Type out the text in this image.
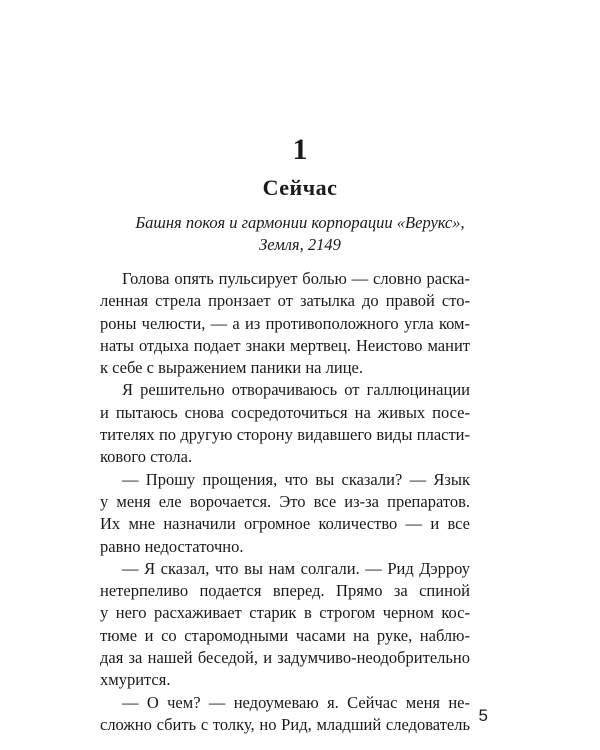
1
Сейчас
Башня покоя и гармонии корпорации «Верукс»,
Земля, 2149
Голова опять пульсирует болью — словно раска-
ленная стрела пронзает от затылка до правой сто-
роны челюсти, — а из противоположного угла ком-
наты отдыха подает знаки мертвец. Неистово манит
к себе с выражением паники на лице.
Я решительно отворачиваюсь от галлюцинации
и пытаюсь снова сосредоточиться на живых посе-
тителях по другую сторону видавшего виды пласти-
кового стола.
— Прошу прощения, что вы сказали? — Язык
у меня еле ворочается. Это все из-за препаратов.
Их мне назначили огромное количество — и все
равно недостаточно.
— Я сказал, что вы нам солгали. — Рид Дэрроу
нетерпеливо подается вперед. Прямо за спиной
у него расхаживает старик в строгом черном кос-
тюме и со старомодными часами на руке, наблю-
дая за нашей беседой, и задумчиво-неодобрительно
хмурится.
— О чем? — недоумеваю я. Сейчас меня не-
сложно сбить с толку, но Рид, младший следователь 5
